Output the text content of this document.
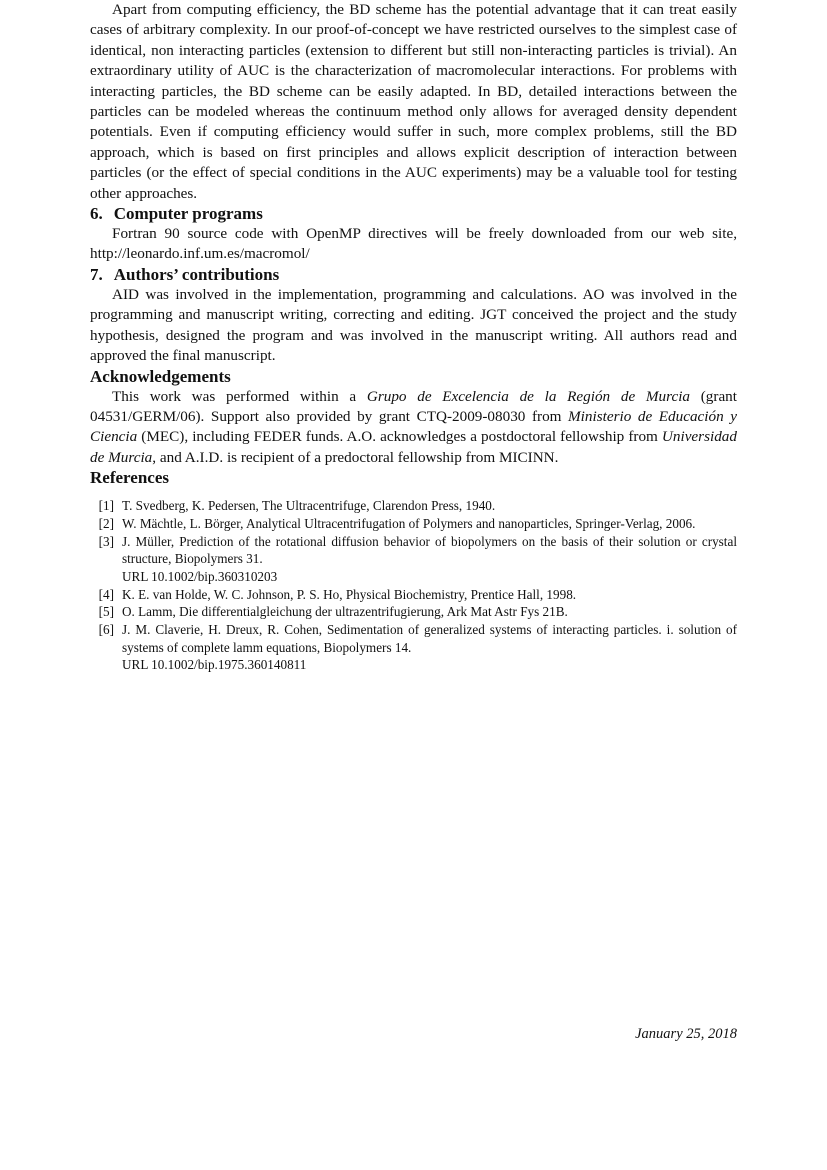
Apart from computing efficiency, the BD scheme has the potential advantage that it can treat easily cases of arbitrary complexity. In our proof-of-concept we have restricted ourselves to the simplest case of identical, non interacting particles (extension to different but still non-interacting particles is trivial). An extraordinary utility of AUC is the characterization of macromolecular interactions. For problems with interacting particles, the BD scheme can be easily adapted. In BD, detailed interactions between the particles can be modeled whereas the continuum method only allows for averaged density dependent potentials. Even if computing efficiency would suffer in such, more complex problems, still the BD approach, which is based on first principles and allows explicit description of interaction between particles (or the effect of special conditions in the AUC experiments) may be a valuable tool for testing other approaches.

6. Computer programs

Fortran 90 source code with OpenMP directives will be freely downloaded from our web site, http://leonardo.inf.um.es/macromol/

7. Authors’ contributions

AID was involved in the implementation, programming and calculations. AO was involved in the programming and manuscript writing, correcting and editing. JGT conceived the project and the study hypothesis, designed the program and was involved in the manuscript writing. All authors read and approved the final manuscript.

Acknowledgements

This work was performed within a Grupo de Excelencia de la Región de Murcia (grant 04531/GERM/06). Support also provided by grant CTQ-2009-08030 from Ministerio de Educación y Ciencia (MEC), including FEDER funds. A.O. acknowledges a postdoctoral fellowship from Universidad de Murcia, and A.I.D. is recipient of a predoctoral fellowship from MICINN.

References
[1] T. Svedberg, K. Pedersen, The Ultracentrifuge, Clarendon Press, 1940.
[2] W. Mächtle, L. Börger, Analytical Ultracentrifugation of Polymers and nanoparticles, Springer-Verlag, 2006.
[3] J. Müller, Prediction of the rotational diffusion behavior of biopolymers on the basis of their solution or crystal structure, Biopolymers 31.
URL 10.1002/bip.360310203
[4] K. E. van Holde, W. C. Johnson, P. S. Ho, Physical Biochemistry, Prentice Hall, 1998.
[5] O. Lamm, Die differentialgleichung der ultrazentrifugierung, Ark Mat Astr Fys 21B.
[6] J. M. Claverie, H. Dreux, R. Cohen, Sedimentation of generalized systems of interacting particles. i. solution of systems of complete lamm equations, Biopolymers 14.
URL 10.1002/bip.1975.360140811
January 25, 2018
